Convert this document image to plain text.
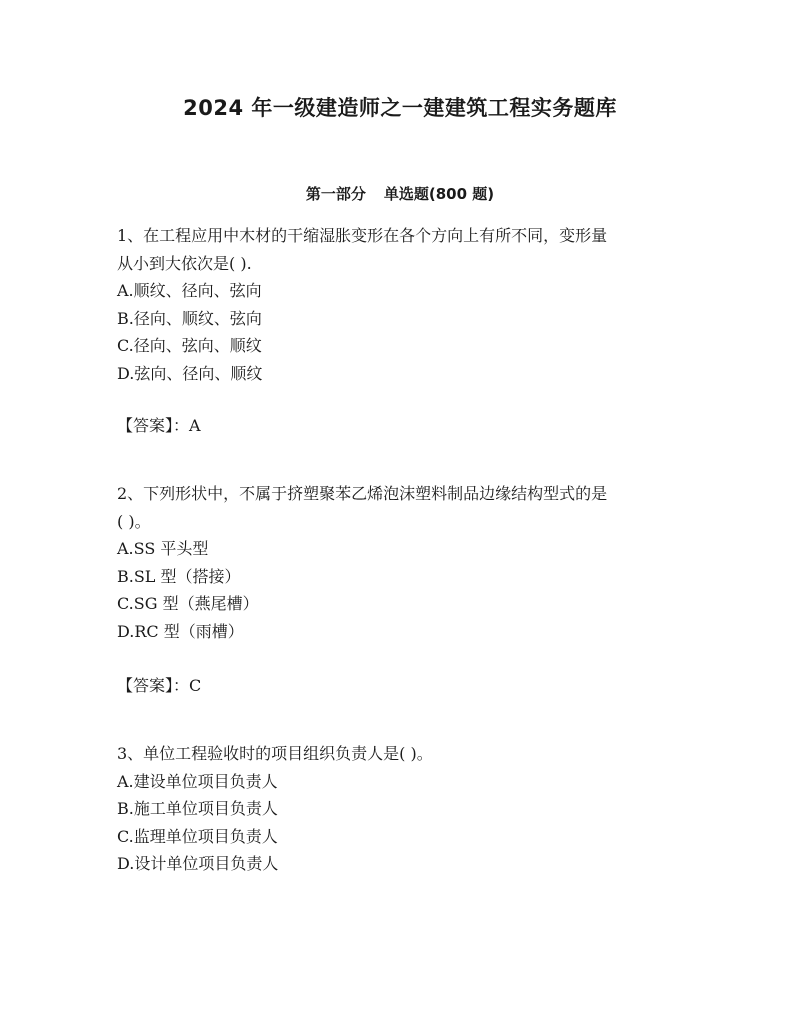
2024 年一级建造师之一建建筑工程实务题库
第一部分 单选题(800 题)
1、在工程应用中木材的干缩湿胀变形在各个方向上有所不同，变形量
从小到大依次是( ).
A.顺纹、径向、弦向
B.径向、顺纹、弦向
C.径向、弦向、顺纹
D.弦向、径向、顺纹
【答案】：A
2、下列形状中，不属于挤塑聚苯乙烯泡沫塑料制品边缘结构型式的是
( )。
A.SS 平头型
B.SL 型（搭接）
C.SG 型（燕尾槽）
D.RC 型（雨槽）
【答案】：C
3、单位工程验收时的项目组织负责人是( )。
A.建设单位项目负责人
B.施工单位项目负责人
C.监理单位项目负责人
D.设计单位项目负责人
